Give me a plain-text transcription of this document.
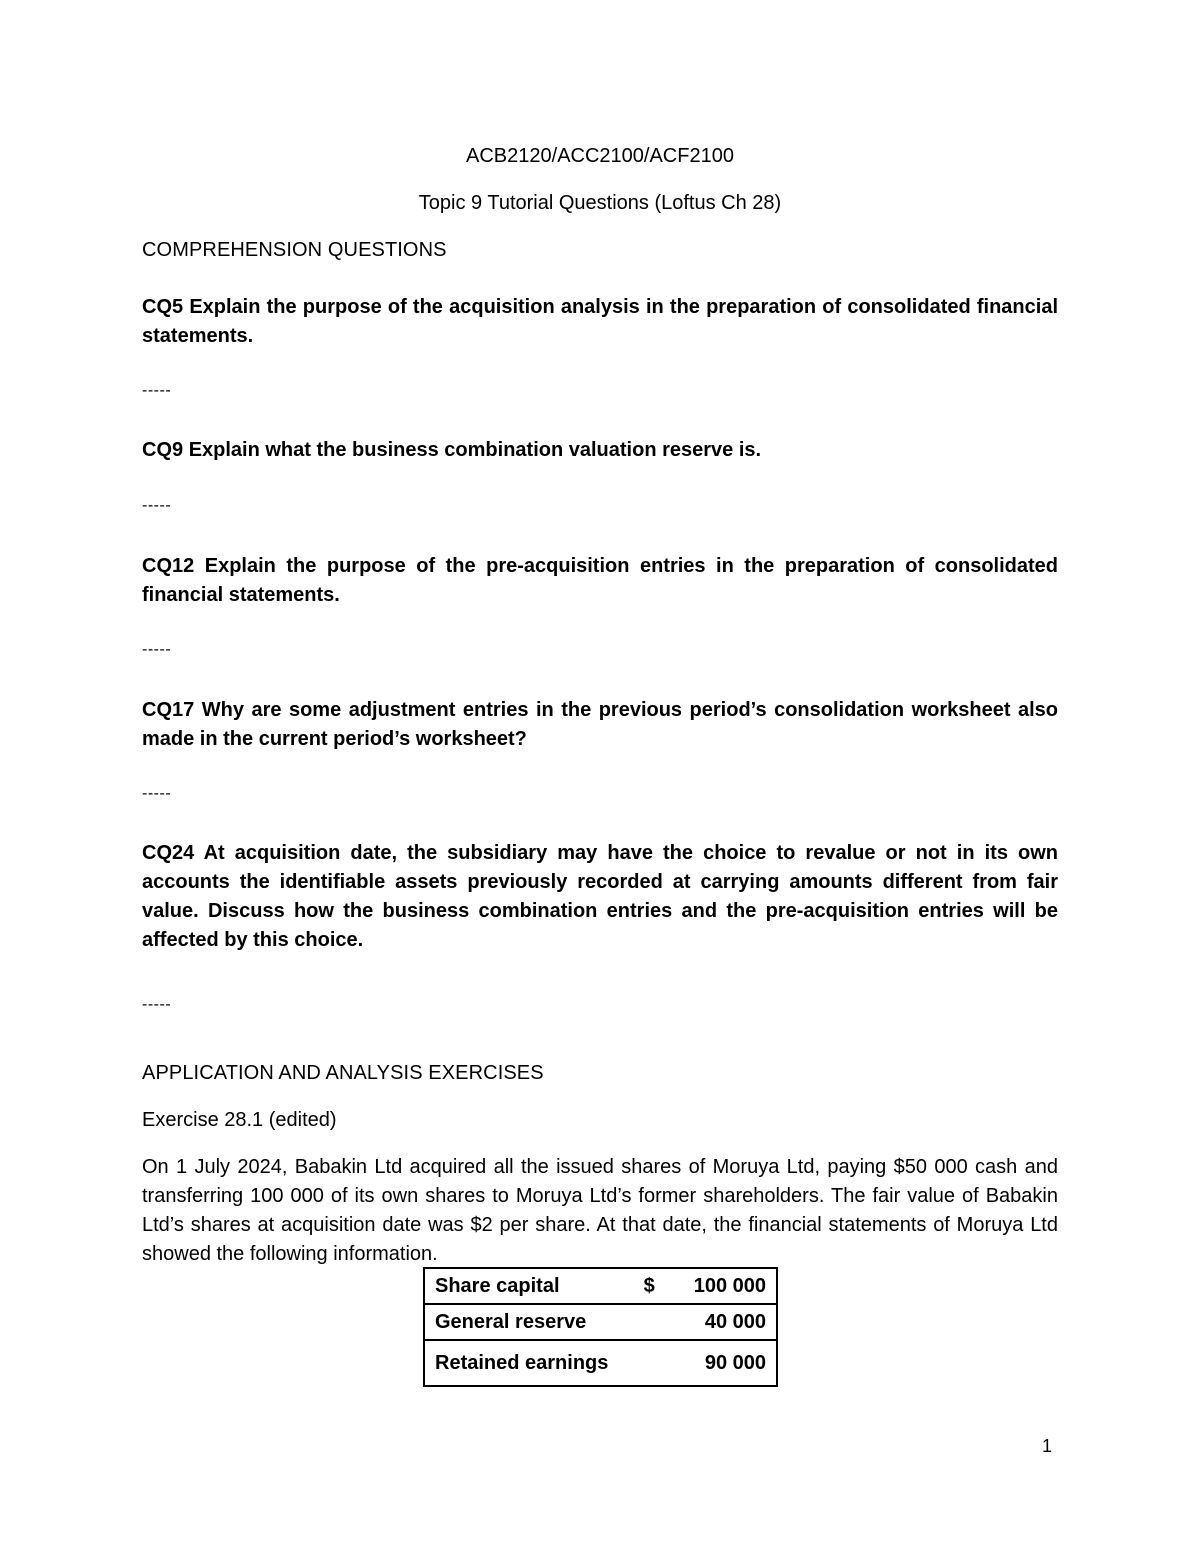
ACB2120/ACC2100/ACF2100
Topic 9 Tutorial Questions (Loftus Ch 28)
COMPREHENSION QUESTIONS
CQ5 Explain the purpose of the acquisition analysis in the preparation of consolidated financial statements.
-----
CQ9 Explain what the business combination valuation reserve is.
-----
CQ12 Explain the purpose of the pre-acquisition entries in the preparation of consolidated financial statements.
-----
CQ17 Why are some adjustment entries in the previous period’s consolidation worksheet also made in the current period’s worksheet?
-----
CQ24 At acquisition date, the subsidiary may have the choice to revalue or not in its own accounts the identifiable assets previously recorded at carrying amounts different from fair value. Discuss how the business combination entries and the pre-acquisition entries will be affected by this choice.
-----
APPLICATION AND ANALYSIS EXERCISES
Exercise 28.1 (edited)
On 1 July 2024, Babakin Ltd acquired all the issued shares of Moruya Ltd, paying $50 000 cash and transferring 100 000 of its own shares to Moruya Ltd’s former shareholders. The fair value of Babakin Ltd’s shares at acquisition date was $2 per share. At that date, the financial statements of Moruya Ltd showed the following information.
Share capital	$	100 000
General reserve		40 000
Retained earnings		90 000
1
